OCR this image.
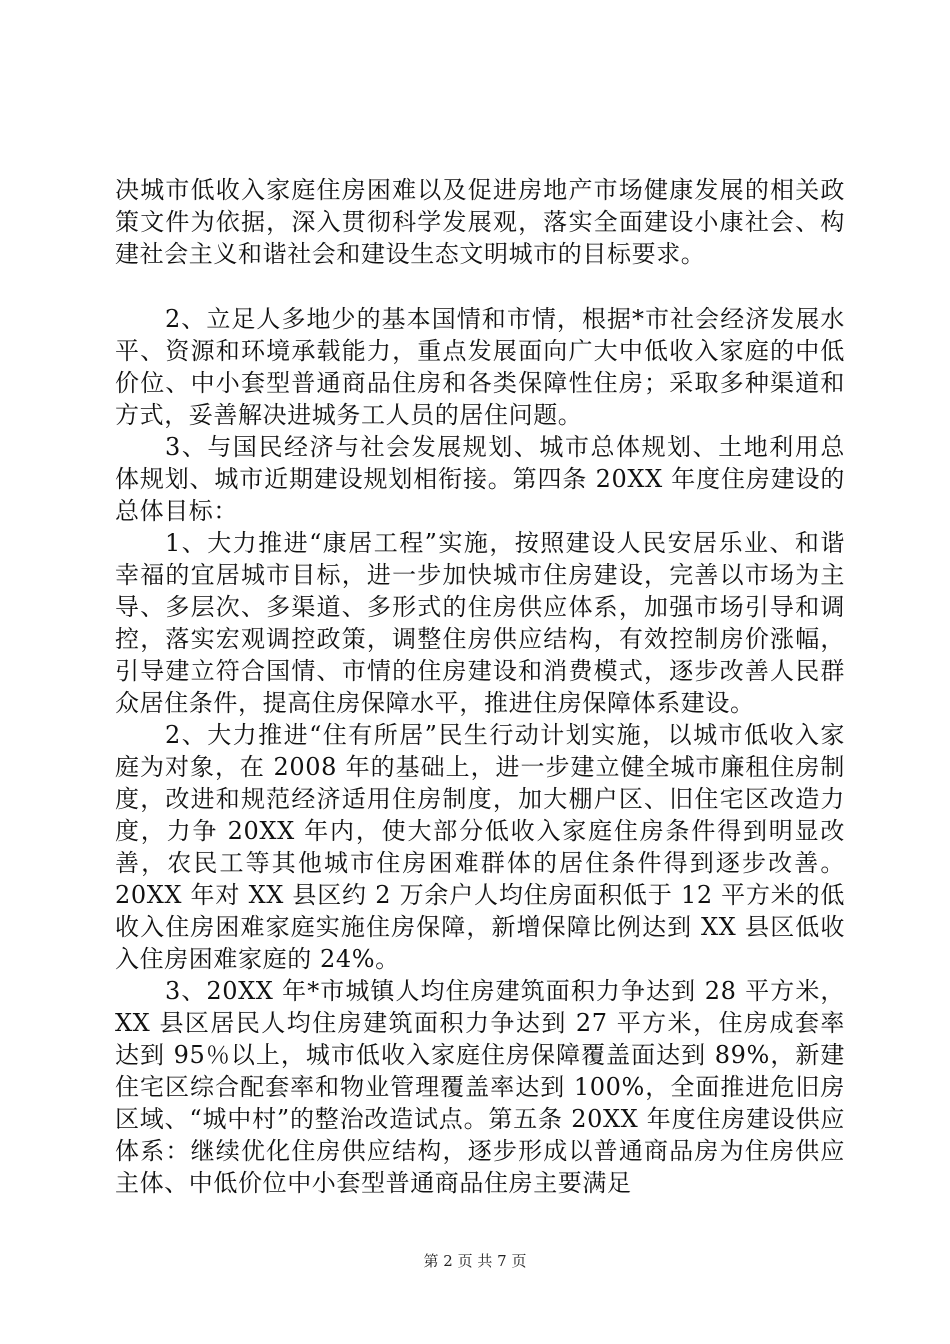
决城市低收入家庭住房困难以及促进房地产市场健康发展的相关政策文件为依据，深入贯彻科学发展观，落实全面建设小康社会、构建社会主义和谐社会和建设生态文明城市的目标要求。

2、立足人多地少的基本国情和市情，根据*市社会经济发展水平、资源和环境承载能力，重点发展面向广大中低收入家庭的中低价位、中小套型普通商品住房和各类保障性住房；采取多种渠道和方式，妥善解决进城务工人员的居住问题。

3、与国民经济与社会发展规划、城市总体规划、土地利用总体规划、城市近期建设规划相衔接。第四条 20XX 年度住房建设的总体目标：

1、大力推进“康居工程”实施，按照建设人民安居乐业、和谐幸福的宜居城市目标，进一步加快城市住房建设，完善以市场为主导、多层次、多渠道、多形式的住房供应体系，加强市场引导和调控，落实宏观调控政策，调整住房供应结构，有效控制房价涨幅，引导建立符合国情、市情的住房建设和消费模式，逐步改善人民群众居住条件，提高住房保障水平，推进住房保障体系建设。

2、大力推进“住有所居”民生行动计划实施，以城市低收入家庭为对象，在 2008 年的基础上，进一步建立健全城市廉租住房制度，改进和规范经济适用住房制度，加大棚户区、旧住宅区改造力度，力争 20XX 年内，使大部分低收入家庭住房条件得到明显改善，农民工等其他城市住房困难群体的居住条件得到逐步改善。20XX 年对 XX 县区约 2 万余户人均住房面积低于 12 平方米的低收入住房困难家庭实施住房保障，新增保障比例达到 XX 县区低收入住房困难家庭的 24%。

3、20XX 年*市城镇人均住房建筑面积力争达到 28 平方米，XX 县区居民人均住房建筑面积力争达到 27 平方米，住房成套率达到 95％以上，城市低收入家庭住房保障覆盖面达到 89%，新建住宅区综合配套率和物业管理覆盖率达到 100%，全面推进危旧房区域、“城中村”的整治改造试点。第五条 20XX 年度住房建设供应体系：继续优化住房供应结构，逐步形成以普通商品房为住房供应主体、中低价位中小套型普通商品住房主要满足

第 2 页 共 7 页
